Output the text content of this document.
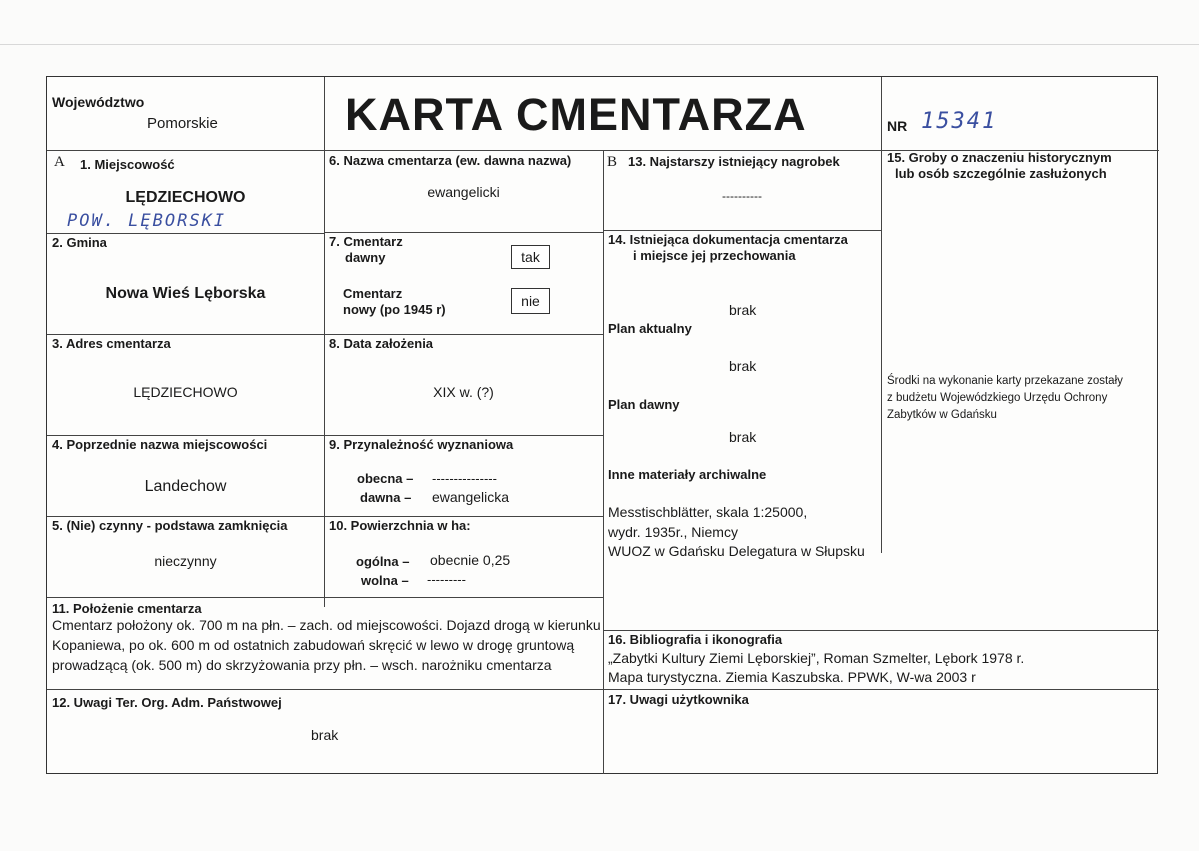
Województwo
Pomorskie	KARTA CMENTARZA	NR 15341
A 1. Miejscowość
LĘDZIECHOWO
POW. LĘBORSKI
2. Gmina
Nowa Wieś Lęborska
3. Adres cmentarza
LĘDZIECHOWO
4. Poprzednie nazwa miejscowości
Landechow
5. (Nie) czynny - podstawa zamknięcia
nieczynny
6. Nazwa cmentarza (ew. dawna nazwa)
ewangelicki
7. Cmentarz
dawny	tak
Cmentarz
nowy (po 1945 r)
nie
8. Data założenia
XIX w. (?)
9. Przynależność wyznaniowa
obecna – ---------------
dawna – ewangelicka
10. Powierzchnia w ha:
ogólna – obecnie 0,25
wolna – ---------
B 13. Najstarszy istniejący nagrobek
----------
14. Istniejąca dokumentacja cmentarza
i miejsce jej przechowania
brak
Plan aktualny
brak
Plan dawny
brak
Inne materiały archiwalne
Messtischblätter, skala 1:25000,
wydr. 1935r., Niemcy
WUOZ w Gdańsku Delegatura w Słupsku
15. Groby o znaczeniu historycznym
lub osób szczególnie zasłużonych
Środki na wykonanie karty przekazane zostały
z budżetu Wojewódzkiego Urzędu Ochrony
Zabytków w Gdańsku
11. Położenie cmentarza
Cmentarz położony ok. 700 m na płn. – zach. od miejscowości. Dojazd drogą w kierunku
Kopaniewa, po ok. 600 m od ostatnich zabudowań skręcić w lewo w drogę gruntową
prowadzącą (ok. 500 m) do skrzyżowania przy płn. – wsch. narożniku cmentarza
16. Bibliografia i ikonografia
„Zabytki Kultury Ziemi Lęborskiej”, Roman Szmelter, Lębork 1978 r.
Mapa turystyczna. Ziemia Kaszubska. PPWK, W-wa 2003 r
12. Uwagi Ter. Org. Adm. Państwowej
brak
17. Uwagi użytkownika
